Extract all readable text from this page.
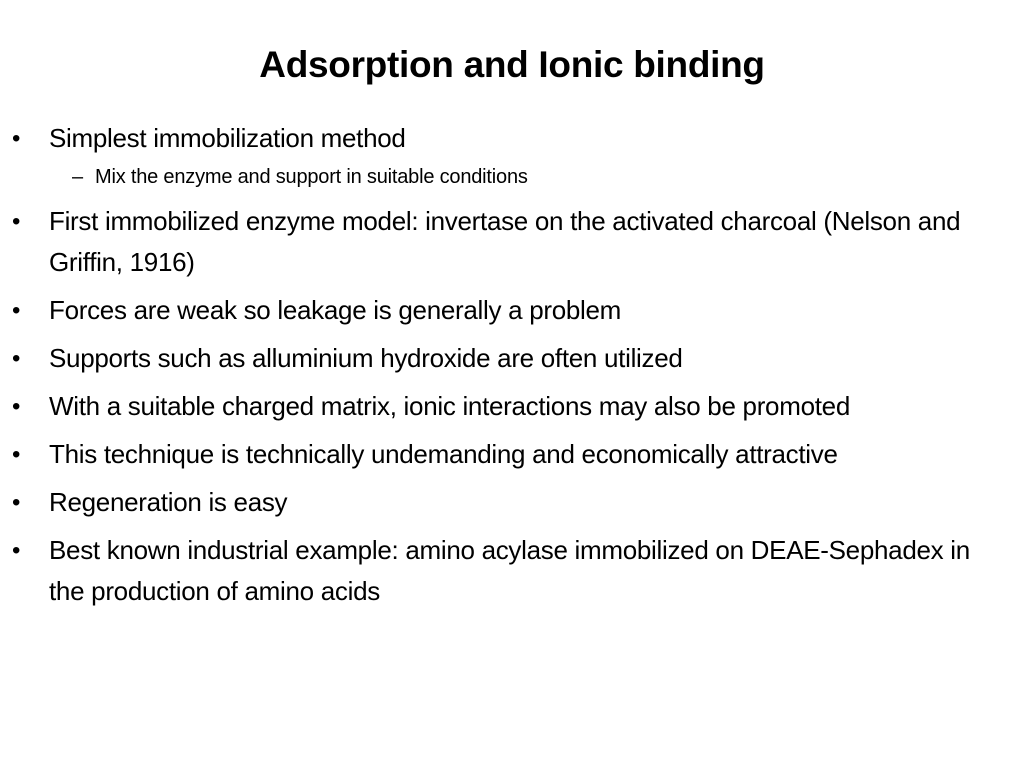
Adsorption and Ionic binding
• Simplest immobilization method
– Mix the enzyme and support in suitable conditions
• First immobilized enzyme model: invertase on the activated charcoal (Nelson and Griffin, 1916)
• Forces are weak so leakage is generally a problem
• Supports such as alluminium hydroxide are often utilized
• With a suitable charged matrix, ionic interactions may also be promoted
• This technique is technically undemanding and economically attractive
• Regeneration is easy
• Best known industrial example: amino acylase immobilized on DEAE-Sephadex in the production of amino acids
